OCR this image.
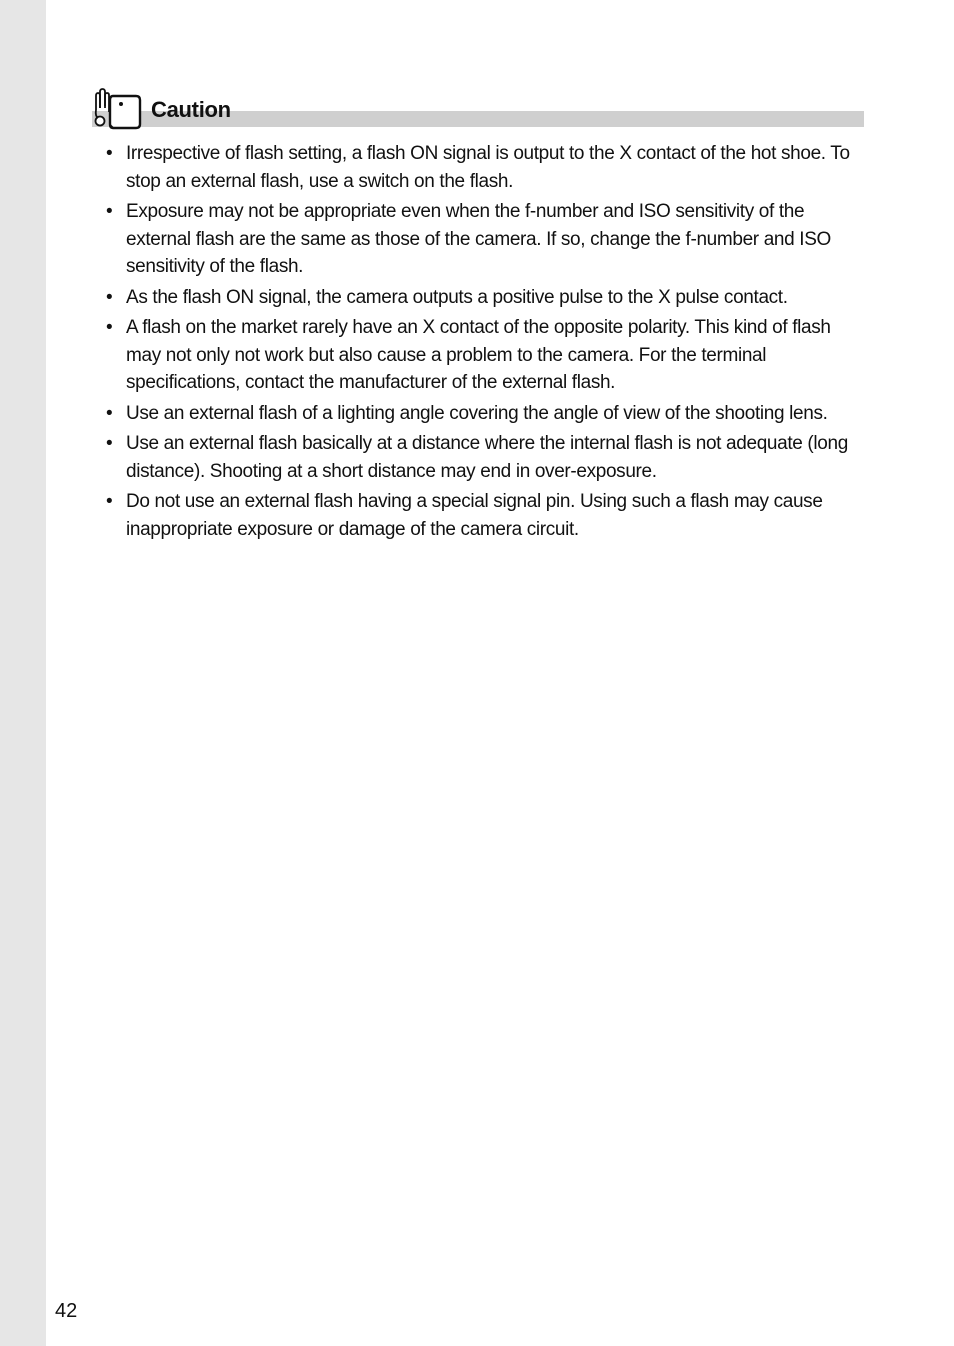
Caution
• Irrespective of flash setting, a flash ON signal is output to the X contact of the hot shoe. To stop an external flash, use a switch on the flash.
• Exposure may not be appropriate even when the f-number and ISO sensitivity of the external flash are the same as those of the camera. If so, change the f-number and ISO sensitivity of the flash.
• As the flash ON signal, the camera outputs a positive pulse to the X pulse contact.
• A flash on the market rarely have an X contact of the opposite polarity. This kind of flash may not only not work but also cause a problem to the camera. For the terminal specifications, contact the manufacturer of the external flash.
• Use an external flash of a lighting angle covering the angle of view of the shooting lens.
• Use an external flash basically at a distance where the internal flash is not adequate (long distance). Shooting at a short distance may end in over-exposure.
• Do not use an external flash having a special signal pin. Using such a flash may cause inappropriate exposure or damage of the camera circuit.
42
